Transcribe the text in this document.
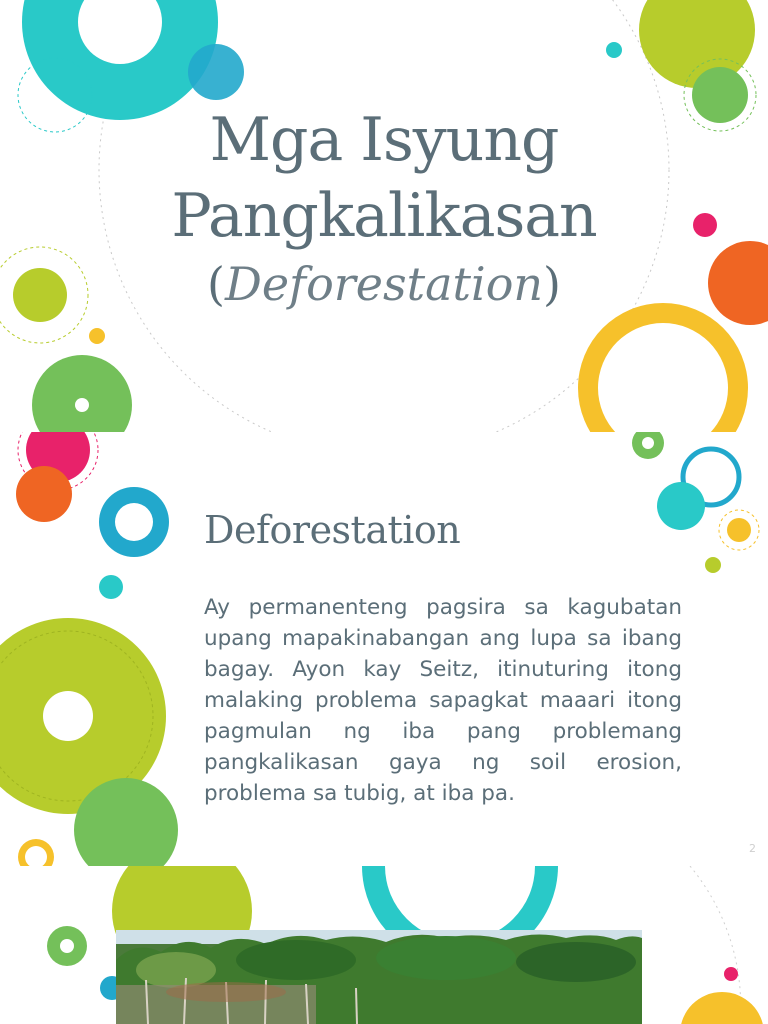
Mga Isyung
Pangkalikasan
(Deforestation)
Deforestation

Ay permanenteng pagsira sa kagubatan upang mapakinabangan ang lupa sa ibang bagay. Ayon kay Seitz, itinuturing itong malaking problema sapagkat maaari itong pagmulan ng iba pang problemang pangkalikasan gaya ng soil erosion, problema sa tubig, at iba pa.

2
